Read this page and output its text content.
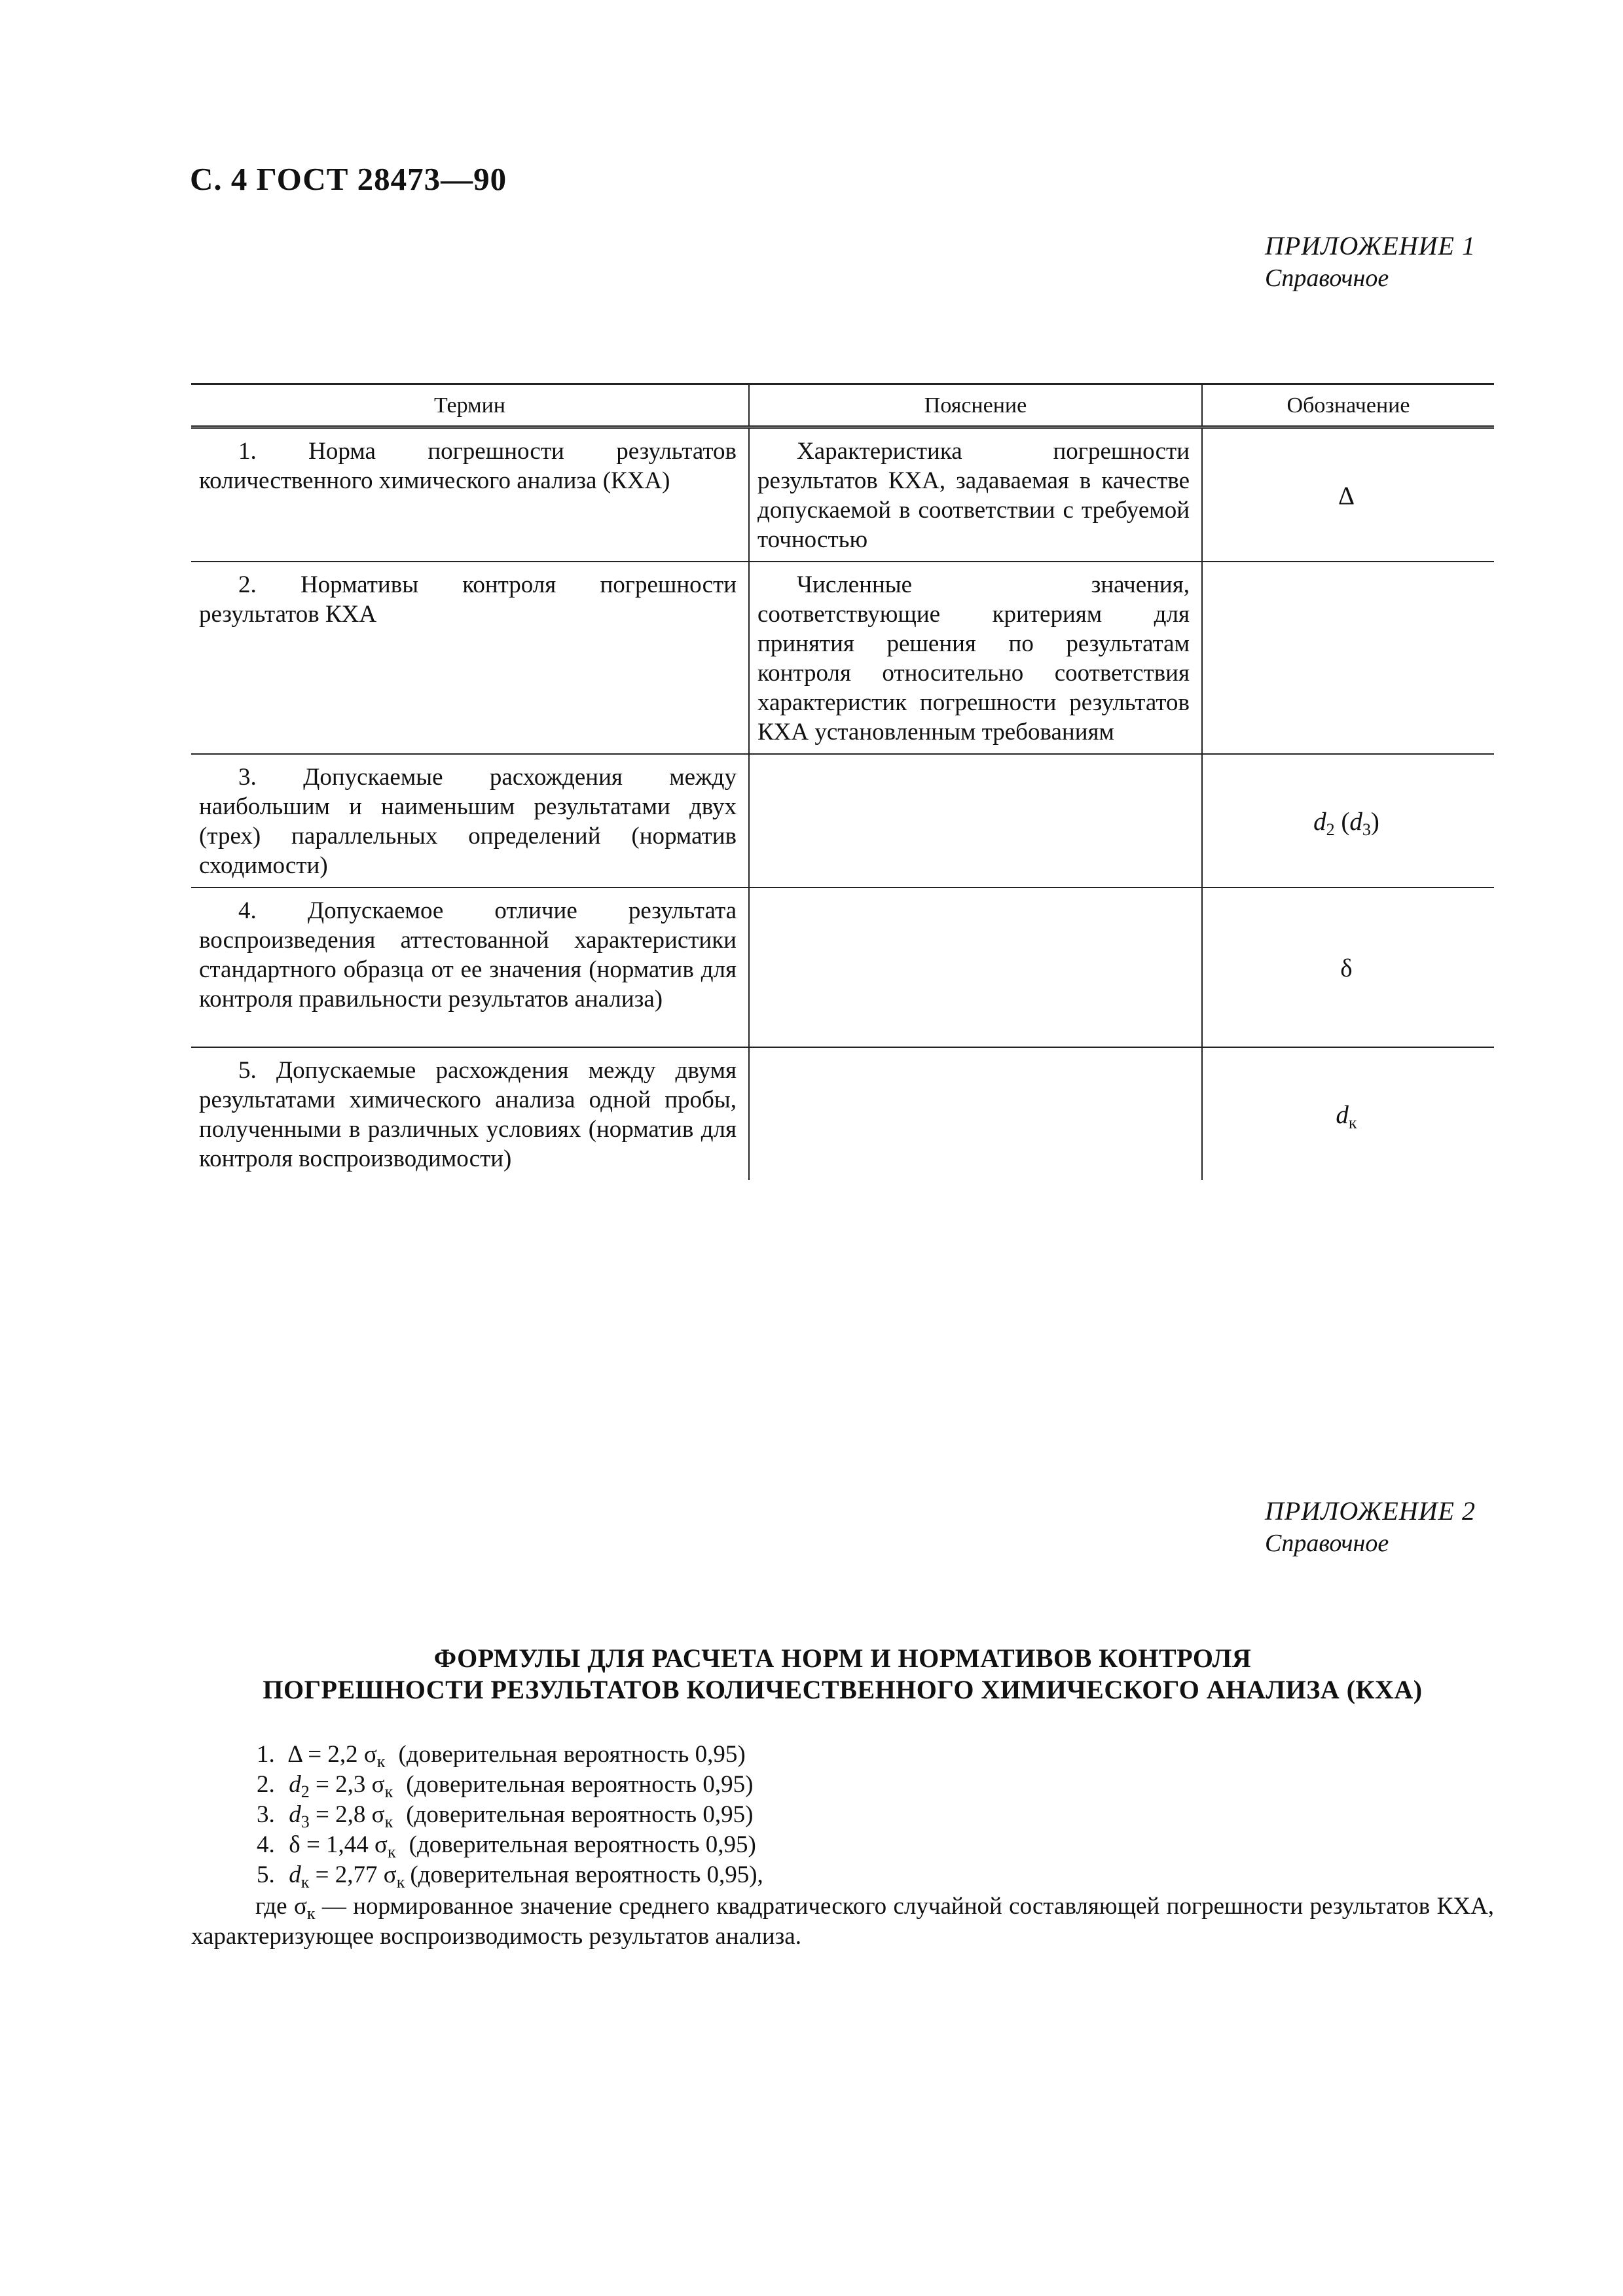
С. 4 ГОСТ 28473—90
ПРИЛОЖЕНИЕ 1
Справочное
Термин	Пояснение	Обозначение

1. Норма погрешности результатов количественного химического анализа (КХА)	Характеристика погрешности результатов КХА, задаваемая в качестве допускаемой в соответствии с требуемой точностью	Δ

2. Нормативы контроля погрешности результатов КХА	Численные значения, соответствующие критериям для принятия решения по результатам контроля относительно соответствия характеристик погрешности результатов КХА установленным требованиям	

3. Допускаемые расхождения между наибольшим и наименьшим результатами двух (трех) параллельных определений (норматив сходимости)		$d_2$ $(d_3)$

4. Допускаемое отличие результата воспроизведения аттестованной характеристики стандартного образца от ее значения (норматив для контроля правильности результатов анализа)		δ

5. Допускаемые расхождения между двумя результатами химического анализа одной пробы, полученными в различных условиях (норматив для контроля воспроизводимости)		$d_к$
ПРИЛОЖЕНИЕ 2
Справочное
ФОРМУЛЫ ДЛЯ РАСЧЕТА НОРМ И НОРМАТИВОВ КОНТРОЛЯ
ПОГРЕШНОСТИ РЕЗУЛЬТАТОВ КОЛИЧЕСТВЕННОГО ХИМИЧЕСКОГО АНАЛИЗА (КХА)
1. Δ = 2,2 $\sigma_к$ (доверительная вероятность 0,95)
2. $d_2 = 2,3$ $\sigma_к$ (доверительная вероятность 0,95)
3. $d_3 = 2,8$ $\sigma_к$ (доверительная вероятность 0,95)
4. δ = 1,44 $\sigma_к$ (доверительная вероятность 0,95)
5. $d_к = 2,77$ $\sigma_к$ (доверительная вероятность 0,95),
где $\sigma_к$ — нормированное значение среднего квадратического случайной составляющей погрешности результатов КХА, характеризующее воспроизводимость результатов анализа.
